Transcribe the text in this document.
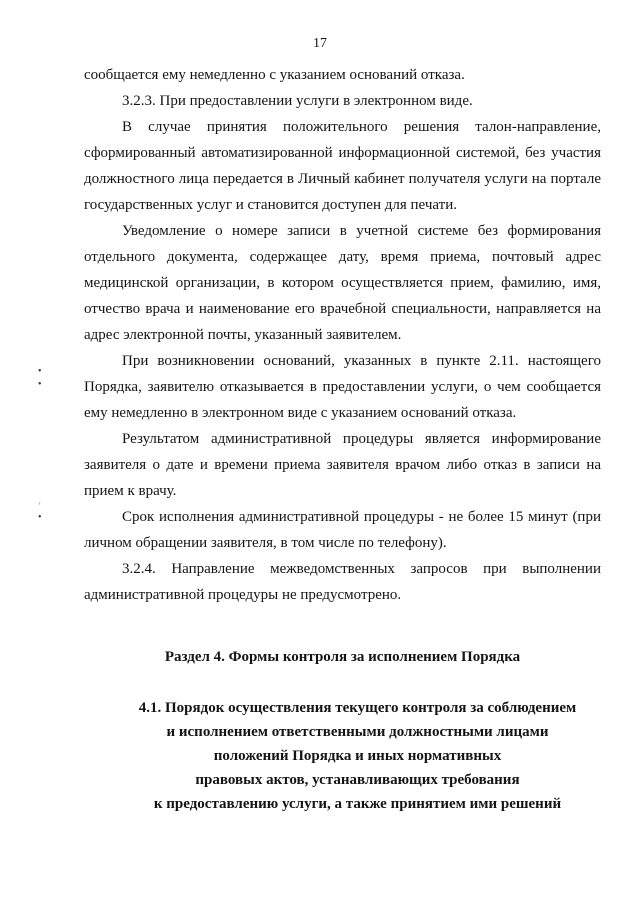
17
•
•
ʾ
•

сообщается ему немедленно с указанием оснований отказа.

3.2.3. При предоставлении услуги в электронном виде.

В случае принятия положительного решения талон-направление, сформированный автоматизированной информационной системой, без участия должностного лица передается в Личный кабинет получателя услуги на портале государственных услуг и становится доступен для печати.

Уведомление о номере записи в учетной системе без формирования отдельного документа, содержащее дату, время приема, почтовый адрес медицинской организации, в котором осуществляется прием, фамилию, имя, отчество врача и наименование его врачебной специальности, направляется на адрес электронной почты, указанный заявителем.

При возникновении оснований, указанных в пункте 2.11. настоящего Порядка, заявителю отказывается в предоставлении услуги, о чем сообщается ему немедленно в электронном виде с указанием оснований отказа.

Результатом административной процедуры является информирование заявителя о дате и времени приема заявителя врачом либо отказ в записи на прием к врачу.

Срок исполнения административной процедуры - не более 15 минут (при личном обращении заявителя, в том числе по телефону).

3.2.4. Направление межведомственных запросов при выполнении административной процедуры не предусмотрено.

Раздел 4. Формы контроля за исполнением Порядка
4.1. Порядок осуществления текущего контроля за соблюдением
и исполнением ответственными должностными лицами
положений Порядка и иных нормативных
правовых актов, устанавливающих требования
к предоставлению услуги, а также принятием ими решений
